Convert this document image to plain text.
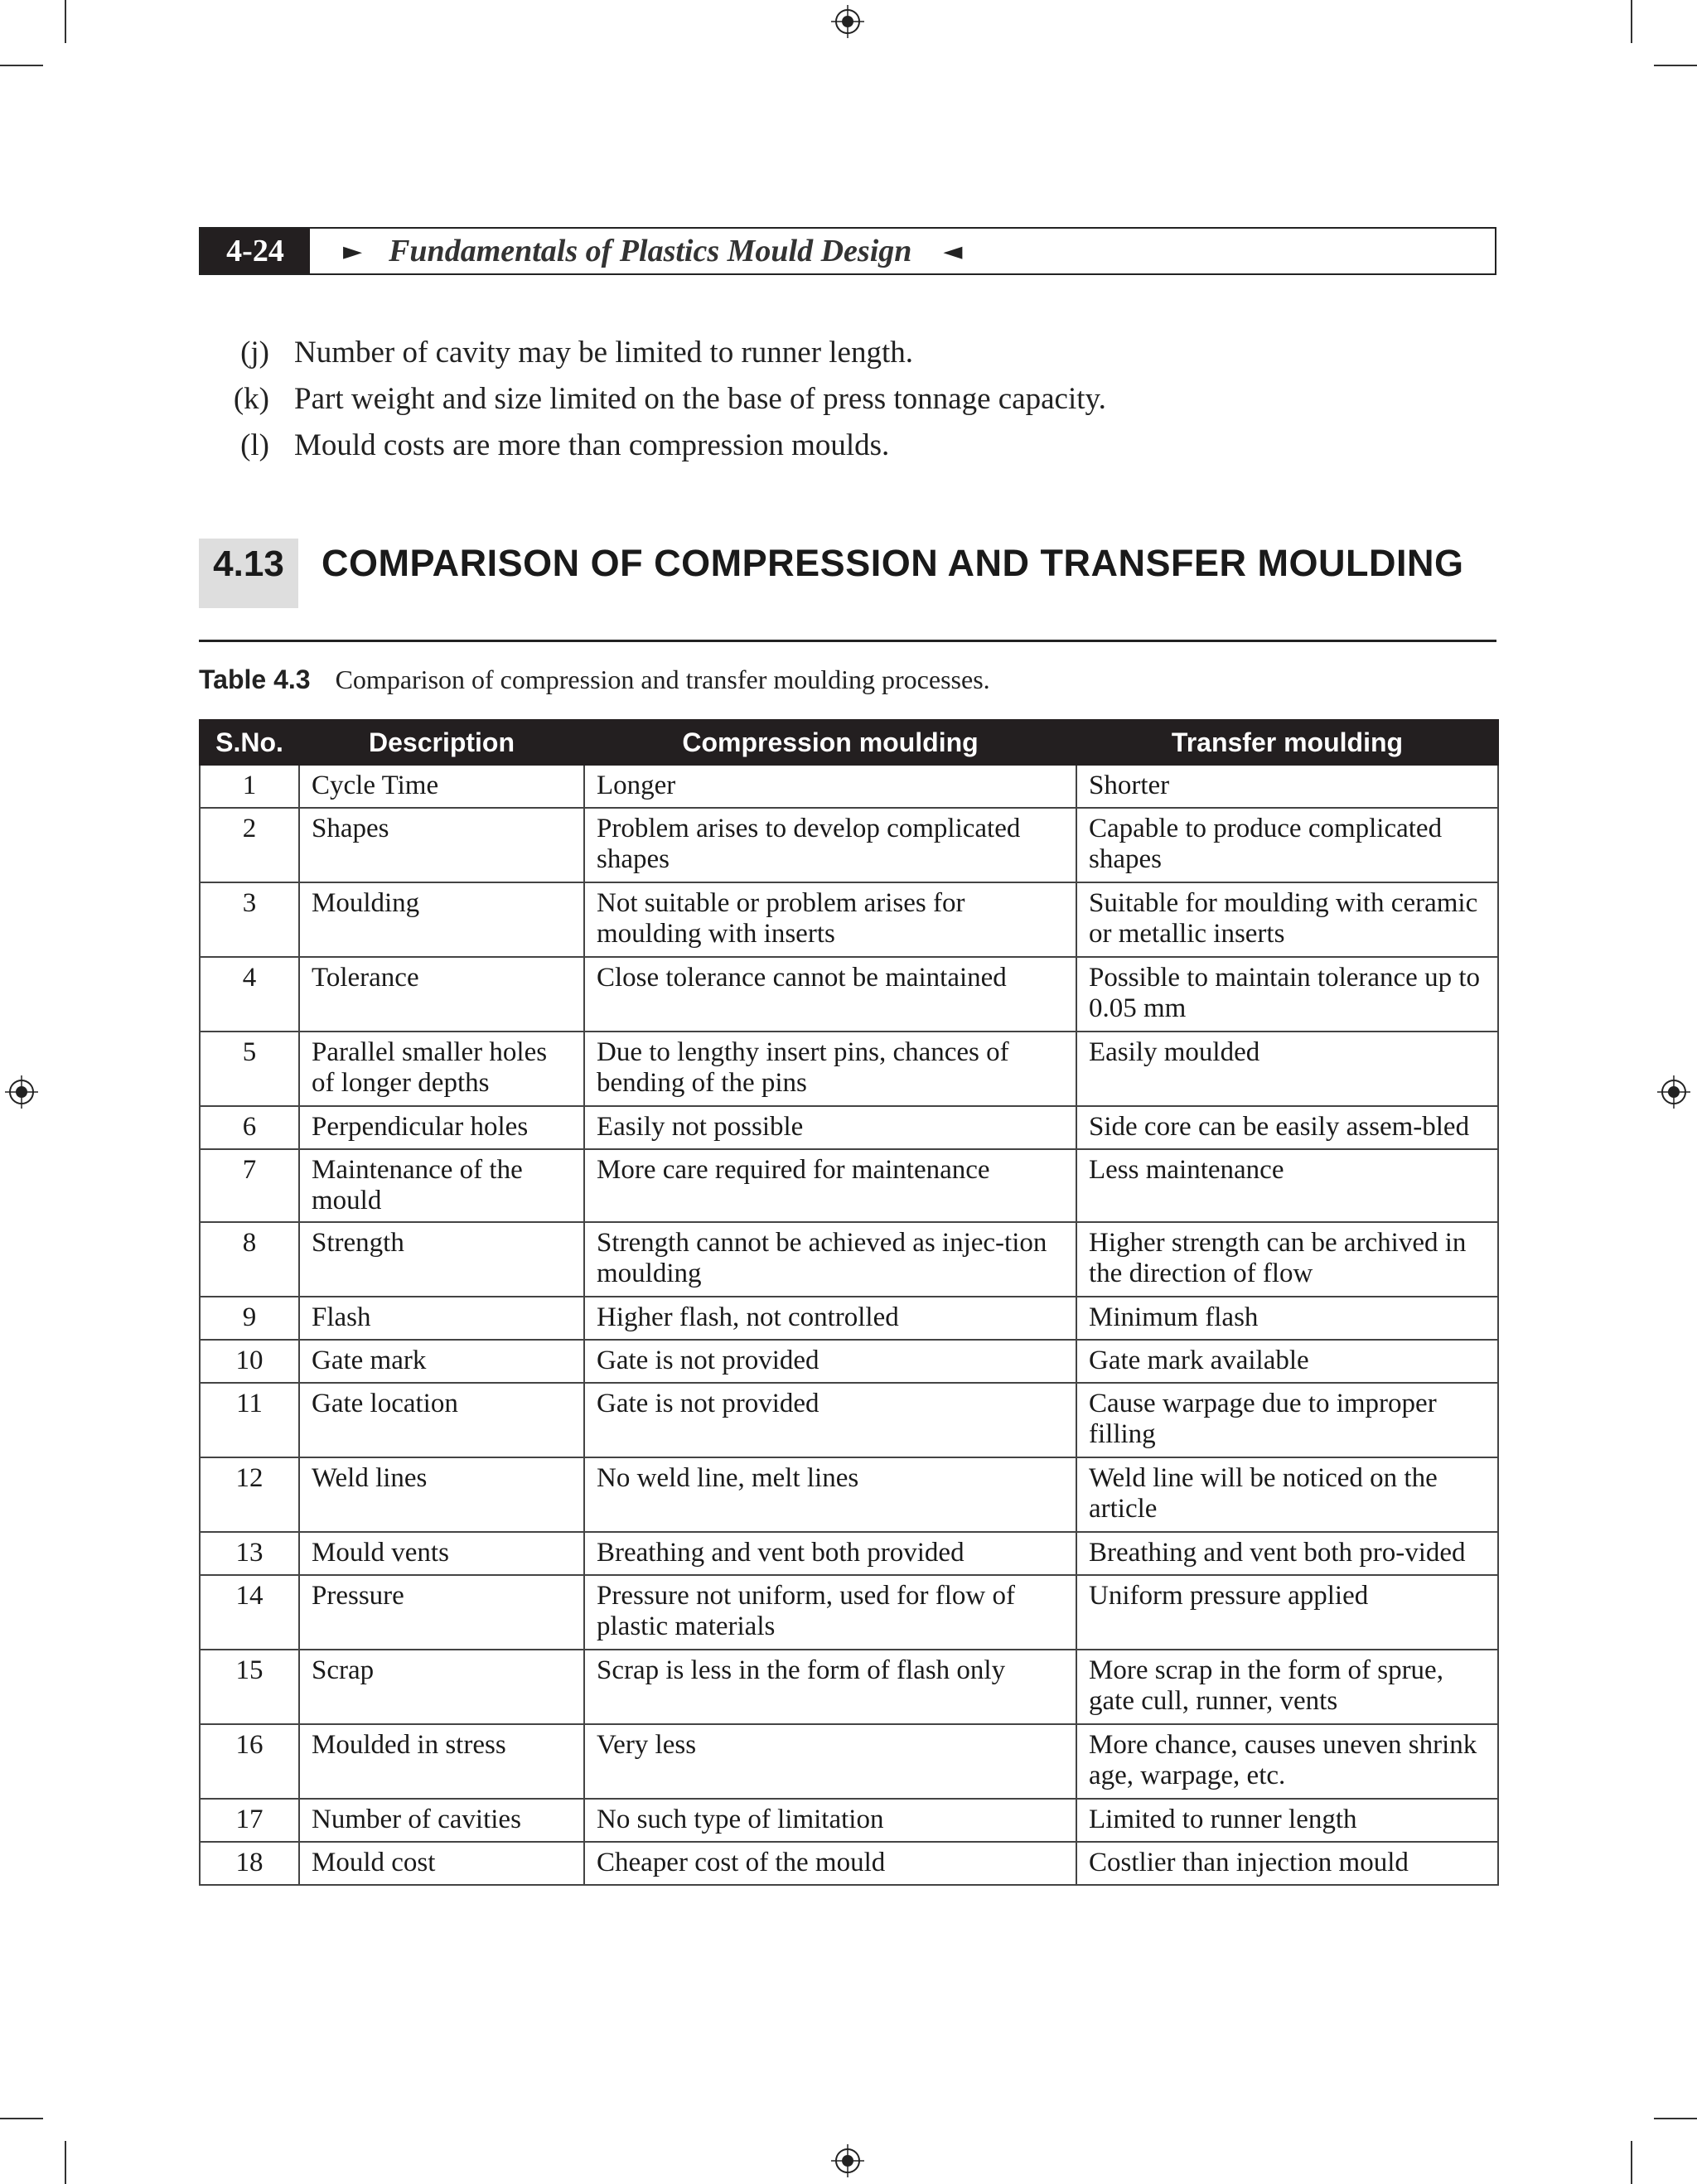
4-24	► Fundamentals of Plastics Mould Design ◄
(j) Number of cavity may be limited to runner length.
(k) Part weight and size limited on the base of press tonnage capacity.
(l) Mould costs are more than compression moulds.
4.13 COMPARISON OF COMPRESSION AND TRANSFER MOULDING
Table 4.3 Comparison of compression and transfer moulding processes.
S.No.	Description	Compression moulding	Transfer moulding
1	Cycle Time	Longer	Shorter
2	Shapes	Problem arises to develop complicated shapes	Capable to produce complicated shapes
3	Moulding	Not suitable or problem arises for moulding with inserts	Suitable for moulding with ceramic or metallic inserts
4	Tolerance	Close tolerance cannot be maintained	Possible to maintain tolerance up to 0.05 mm
5	Parallel smaller holes of longer depths	Due to lengthy insert pins, chances of bending of the pins	Easily moulded
6	Perpendicular holes	Easily not possible	Side core can be easily assem-bled
7	Maintenance of the mould	More care required for maintenance	Less maintenance
8	Strength	Strength cannot be achieved as injec-tion moulding	Higher strength can be archived in the direction of flow
9	Flash	Higher flash, not controlled	Minimum flash
10	Gate mark	Gate is not provided	Gate mark available
11	Gate location	Gate is not provided	Cause warpage due to improper filling
12	Weld lines	No weld line, melt lines	Weld line will be noticed on the article
13	Mould vents	Breathing and vent both provided	Breathing and vent both pro-vided
14	Pressure	Pressure not uniform, used for flow of plastic materials	Uniform pressure applied
15	Scrap	Scrap is less in the form of flash only	More scrap in the form of sprue, gate cull, runner, vents
16	Moulded in stress	Very less	More chance, causes uneven shrink age, warpage, etc.
17	Number of cavities	No such type of limitation	Limited to runner length
18	Mould cost	Cheaper cost of the mould	Costlier than injection mould
